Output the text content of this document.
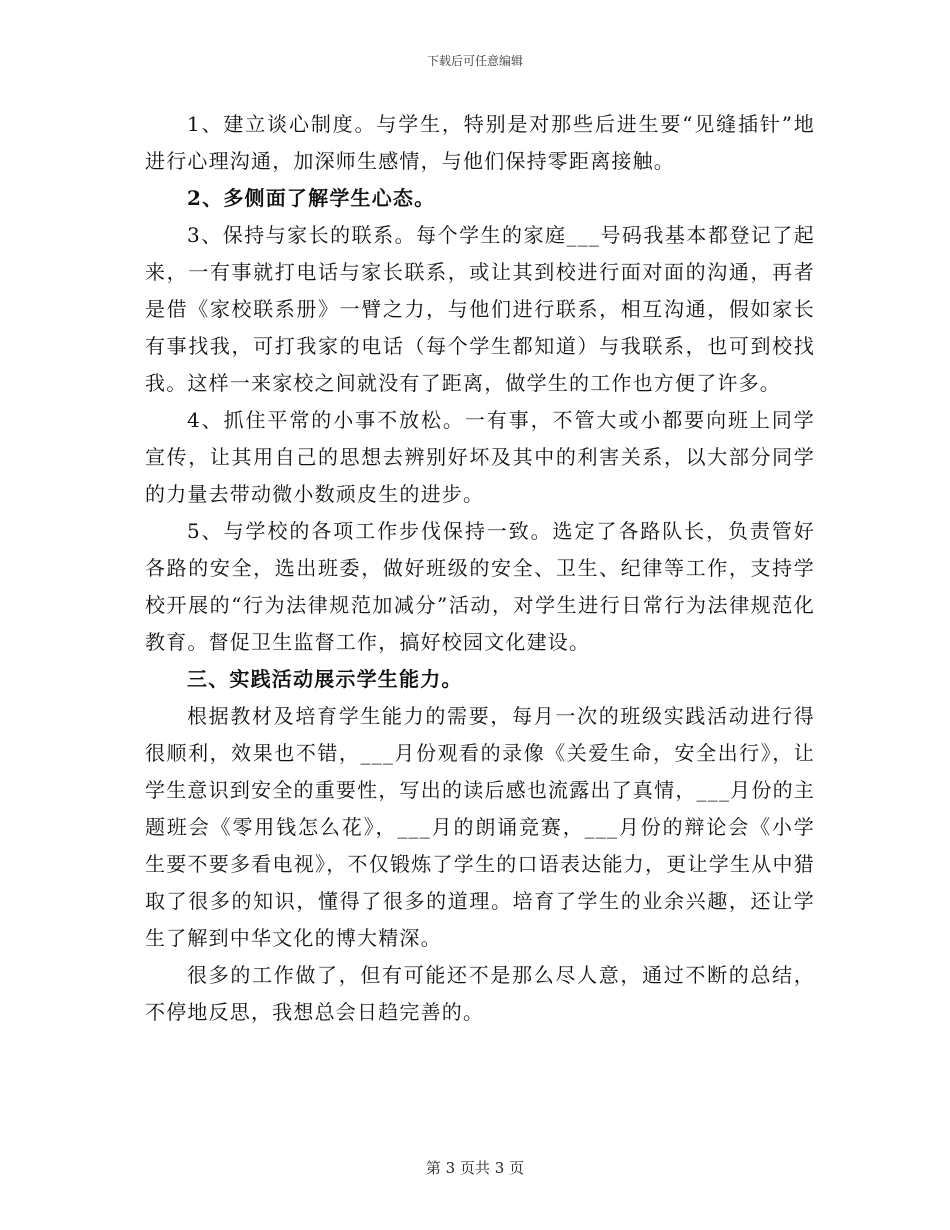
下载后可任意编辑

1、建立谈心制度。与学生，特别是对那些后进生要“见缝插针”地进行心理沟通，加深师生感情，与他们保持零距离接触。

2、多侧面了解学生心态。

3、保持与家长的联系。每个学生的家庭___号码我基本都登记了起来，一有事就打电话与家长联系，或让其到校进行面对面的沟通，再者是借《家校联系册》一臂之力，与他们进行联系，相互沟通，假如家长有事找我，可打我家的电话（每个学生都知道）与我联系，也可到校找我。这样一来家校之间就没有了距离，做学生的工作也方便了许多。

4、抓住平常的小事不放松。一有事，不管大或小都要向班上同学宣传，让其用自己的思想去辨别好坏及其中的利害关系，以大部分同学的力量去带动微小数顽皮生的进步。

5、与学校的各项工作步伐保持一致。选定了各路队长，负责管好各路的安全，选出班委，做好班级的安全、卫生、纪律等工作，支持学校开展的“行为法律规范加减分”活动，对学生进行日常行为法律规范化教育。督促卫生监督工作，搞好校园文化建设。

三、实践活动展示学生能力。

根据教材及培育学生能力的需要，每月一次的班级实践活动进行得很顺利，效果也不错，___月份观看的录像《关爱生命，安全出行》，让学生意识到安全的重要性，写出的读后感也流露出了真情，___月份的主题班会《零用钱怎么花》，___月的朗诵竞赛，___月份的辩论会《小学生要不要多看电视》，不仅锻炼了学生的口语表达能力，更让学生从中猎取了很多的知识，懂得了很多的道理。培育了学生的业余兴趣，还让学生了解到中华文化的博大精深。

很多的工作做了，但有可能还不是那么尽人意，通过不断的总结，不停地反思，我想总会日趋完善的。

第 3 页共 3 页
